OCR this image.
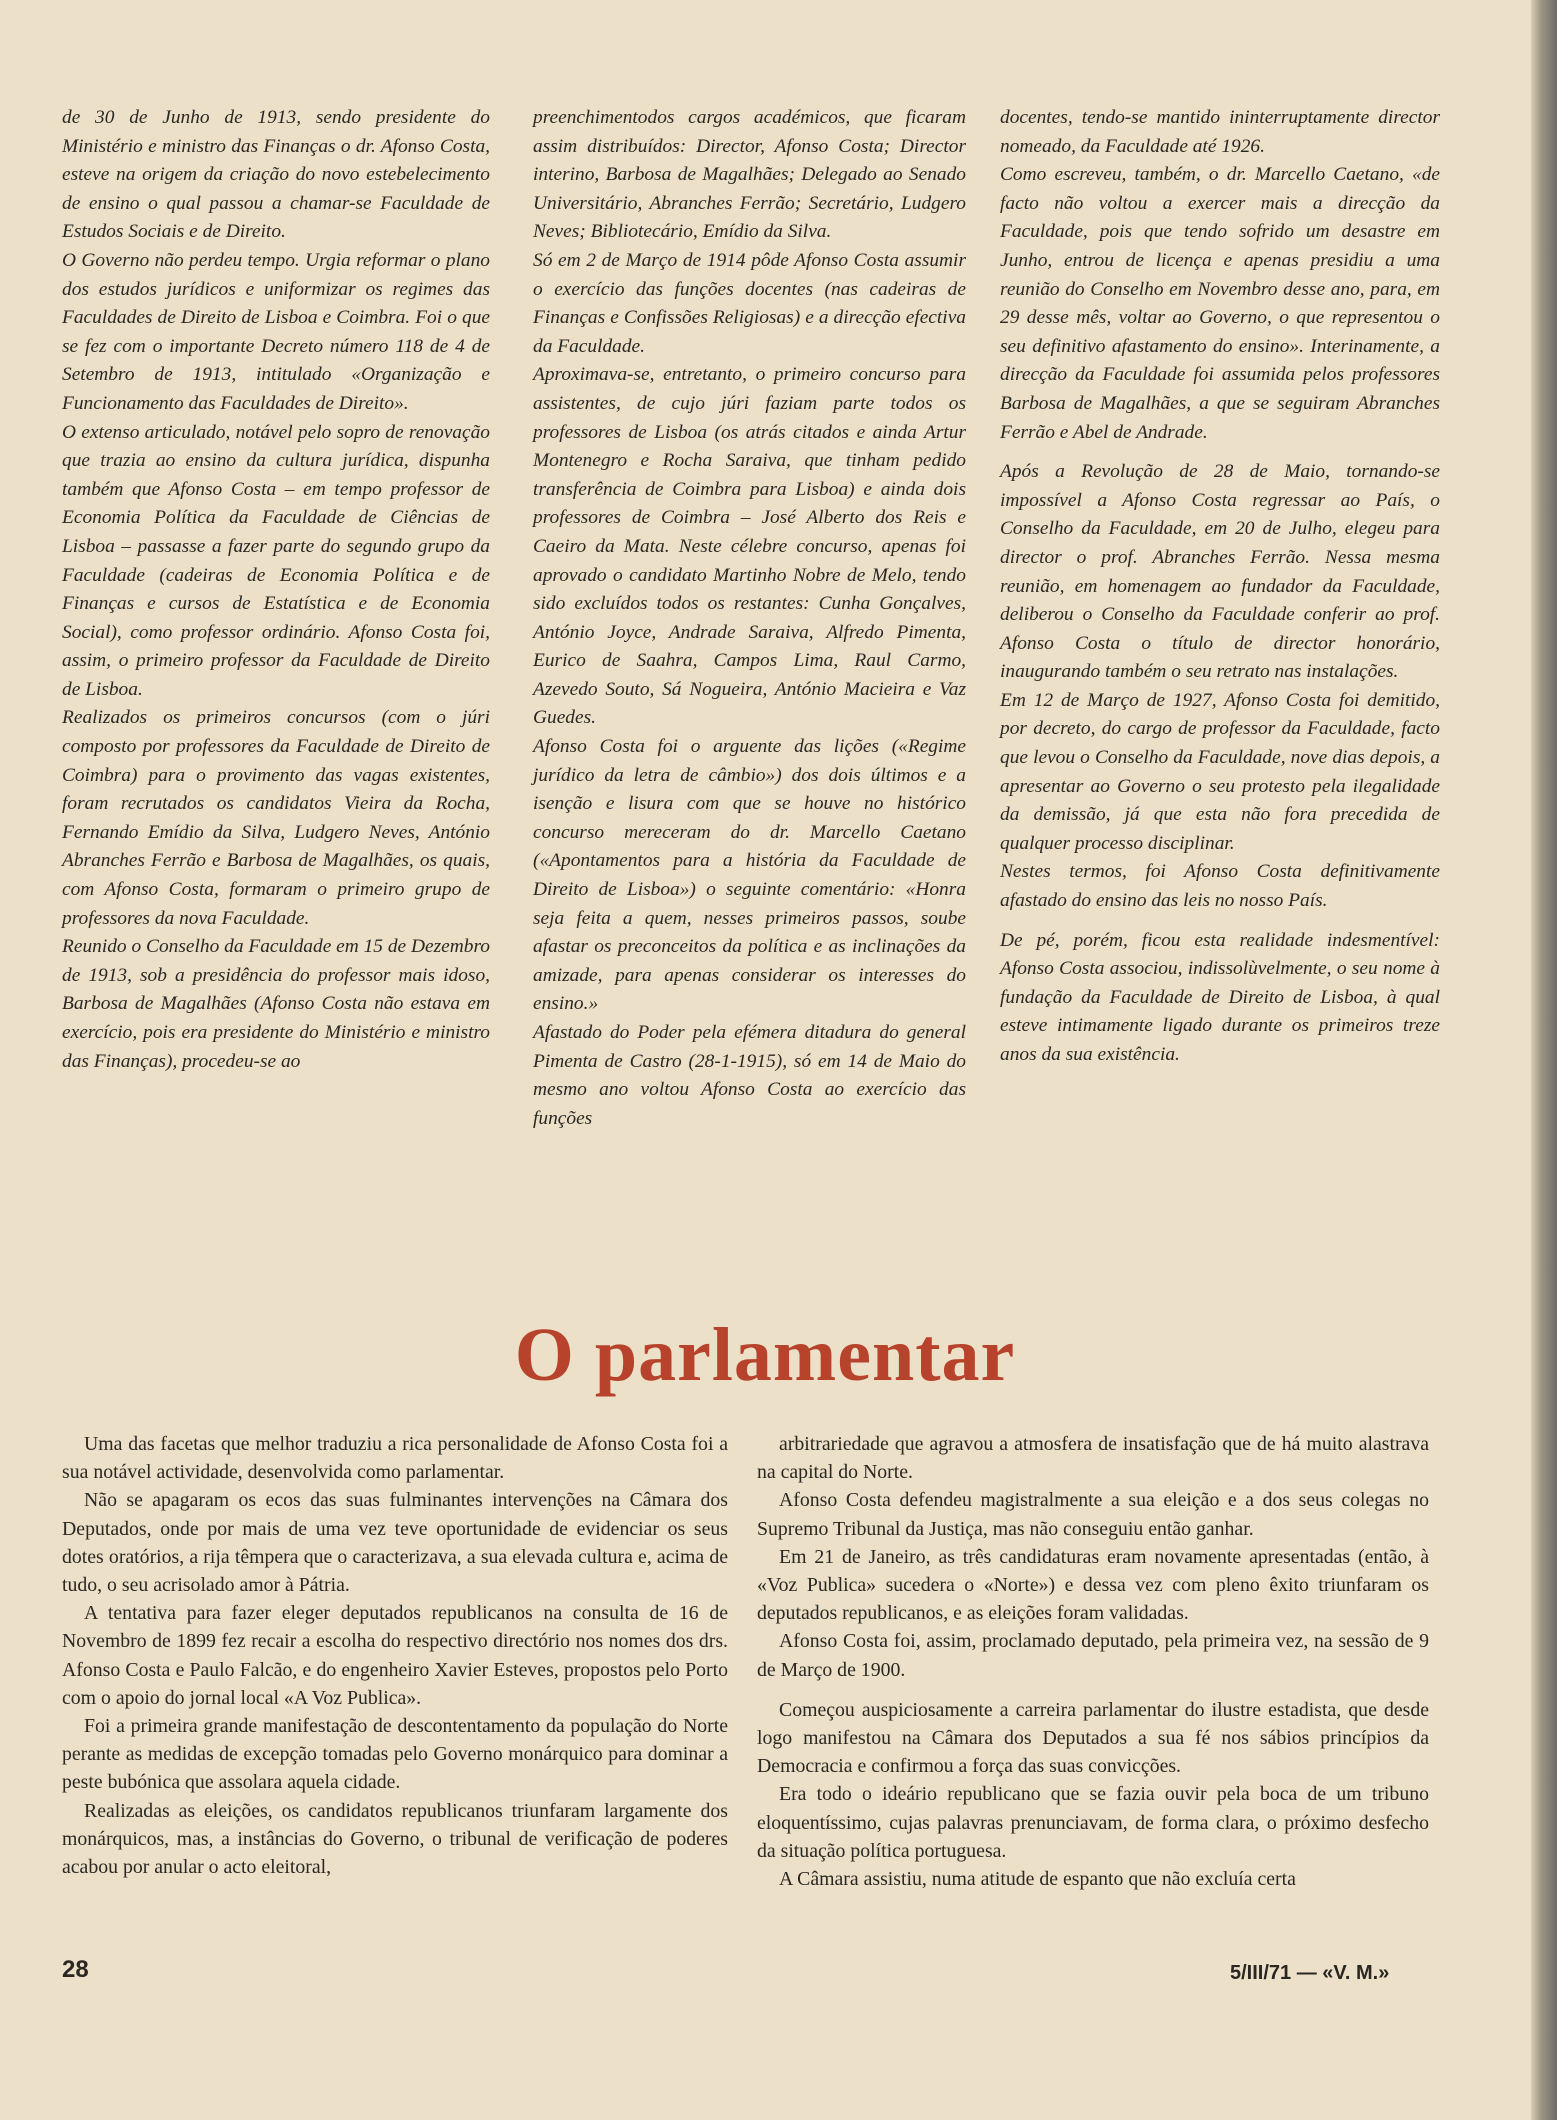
de 30 de Junho de 1913, sendo presidente do Ministério e ministro das Finanças o dr. Afonso Costa, esteve na origem da criação do novo estebelecimento de ensino o qual passou a chamar-se Faculdade de Estudos Sociais e de Direito.

O Governo não perdeu tempo. Urgia reformar o plano dos estudos jurídicos e uniformizar os regimes das Faculdades de Direito de Lisboa e Coimbra. Foi o que se fez com o importante Decreto número 118 de 4 de Setembro de 1913, intitulado «Organização e Funcionamento das Faculdades de Direito».

O extenso articulado, notável pelo sopro de renovação que trazia ao ensino da cultura jurídica, dispunha também que Afonso Costa – em tempo professor de Economia Política da Faculdade de Ciências de Lisboa – passasse a fazer parte do segundo grupo da Faculdade (cadeiras de Economia Política e de Finanças e cursos de Estatística e de Economia Social), como professor ordinário. Afonso Costa foi, assim, o primeiro professor da Faculdade de Direito de Lisboa.

Realizados os primeiros concursos (com o júri composto por professores da Faculdade de Direito de Coimbra) para o provimento das vagas existentes, foram recrutados os candidatos Vieira da Rocha, Fernando Emídio da Silva, Ludgero Neves, António Abranches Ferrão e Barbosa de Magalhães, os quais, com Afonso Costa, formaram o primeiro grupo de professores da nova Faculdade.

Reunido o Conselho da Faculdade em 15 de Dezembro de 1913, sob a presidência do professor mais idoso, Barbosa de Magalhães (Afonso Costa não estava em exercício, pois era presidente do Ministério e ministro das Finanças), procedeu-se ao

preenchimentodos cargos académicos, que ficaram assim distribuídos: Director, Afonso Costa; Director interino, Barbosa de Magalhães; Delegado ao Senado Universitário, Abranches Ferrão; Secretário, Ludgero Neves; Bibliotecário, Emídio da Silva.

Só em 2 de Março de 1914 pôde Afonso Costa assumir o exercício das funções docentes (nas cadeiras de Finanças e Confissões Religiosas) e a direcção efectiva da Faculdade.

Aproximava-se, entretanto, o primeiro concurso para assistentes, de cujo júri faziam parte todos os professores de Lisboa (os atrás citados e ainda Artur Montenegro e Rocha Saraiva, que tinham pedido transferência de Coimbra para Lisboa) e ainda dois professores de Coimbra – José Alberto dos Reis e Caeiro da Mata. Neste célebre concurso, apenas foi aprovado o candidato Martinho Nobre de Melo, tendo sido excluídos todos os restantes: Cunha Gonçalves, António Joyce, Andrade Saraiva, Alfredo Pimenta, Eurico de Saahra, Campos Lima, Raul Carmo, Azevedo Souto, Sá Nogueira, António Macieira e Vaz Guedes.

Afonso Costa foi o arguente das lições («Regime jurídico da letra de câmbio») dos dois últimos e a isenção e lisura com que se houve no histórico concurso mereceram do dr. Marcello Caetano («Apontamentos para a história da Faculdade de Direito de Lisboa») o seguinte comentário: «Honra seja feita a quem, nesses primeiros passos, soube afastar os preconceitos da política e as inclinações da amizade, para apenas considerar os interesses do ensino.»

Afastado do Poder pela efémera ditadura do general Pimenta de Castro (28-1-1915), só em 14 de Maio do mesmo ano voltou Afonso Costa ao exercício das funções

docentes, tendo-se mantido ininterruptamente director nomeado, da Faculdade até 1926.

Como escreveu, também, o dr. Marcello Caetano, «de facto não voltou a exercer mais a direcção da Faculdade, pois que tendo sofrido um desastre em Junho, entrou de licença e apenas presidiu a uma reunião do Conselho em Novembro desse ano, para, em 29 desse mês, voltar ao Governo, o que representou o seu definitivo afastamento do ensino». Interinamente, a direcção da Faculdade foi assumida pelos professores Barbosa de Magalhães, a que se seguiram Abranches Ferrão e Abel de Andrade.

Após a Revolução de 28 de Maio, tornando-se impossível a Afonso Costa regressar ao País, o Conselho da Faculdade, em 20 de Julho, elegeu para director o prof. Abranches Ferrão. Nessa mesma reunião, em homenagem ao fundador da Faculdade, deliberou o Conselho da Faculdade conferir ao prof. Afonso Costa o título de director honorário, inaugurando também o seu retrato nas instalações.

Em 12 de Março de 1927, Afonso Costa foi demitido, por decreto, do cargo de professor da Faculdade, facto que levou o Conselho da Faculdade, nove dias depois, a apresentar ao Governo o seu protesto pela ilegalidade da demissão, já que esta não fora precedida de qualquer processo disciplinar.

Nestes termos, foi Afonso Costa definitivamente afastado do ensino das leis no nosso País.

De pé, porém, ficou esta realidade indesmentível: Afonso Costa associou, indissolùvelmente, o seu nome à fundação da Faculdade de Direito de Lisboa, à qual esteve intimamente ligado durante os primeiros treze anos da sua existência.

O parlamentar

Uma das facetas que melhor traduziu a rica personalidade de Afonso Costa foi a sua notável actividade, desenvolvida como parlamentar.

Não se apagaram os ecos das suas fulminantes intervenções na Câmara dos Deputados, onde por mais de uma vez teve oportunidade de evidenciar os seus dotes oratórios, a rija têmpera que o caracterizava, a sua elevada cultura e, acima de tudo, o seu acrisolado amor à Pátria.

A tentativa para fazer eleger deputados republicanos na consulta de 16 de Novembro de 1899 fez recair a escolha do respectivo directório nos nomes dos drs. Afonso Costa e Paulo Falcão, e do engenheiro Xavier Esteves, propostos pelo Porto com o apoio do jornal local «A Voz Publica».

Foi a primeira grande manifestação de descontentamento da população do Norte perante as medidas de excepção tomadas pelo Governo monárquico para dominar a peste bubónica que assolara aquela cidade.

Realizadas as eleições, os candidatos republicanos triunfaram largamente dos monárquicos, mas, a instâncias do Governo, o tribunal de verificação de poderes acabou por anular o acto eleitoral,

arbitrariedade que agravou a atmosfera de insatisfação que de há muito alastrava na capital do Norte.

Afonso Costa defendeu magistralmente a sua eleição e a dos seus colegas no Supremo Tribunal da Justiça, mas não conseguiu então ganhar.

Em 21 de Janeiro, as três candidaturas eram novamente apresentadas (então, à «Voz Publica» sucedera o «Norte») e dessa vez com pleno êxito triunfaram os deputados republicanos, e as eleições foram validadas.

Afonso Costa foi, assim, proclamado deputado, pela primeira vez, na sessão de 9 de Março de 1900.

Começou auspiciosamente a carreira parlamentar do ilustre estadista, que desde logo manifestou na Câmara dos Deputados a sua fé nos sábios princípios da Democracia e confirmou a força das suas convicções.

Era todo o ideário republicano que se fazia ouvir pela boca de um tribuno eloquentíssimo, cujas palavras prenunciavam, de forma clara, o próximo desfecho da situação política portuguesa.

A Câmara assistiu, numa atitude de espanto que não excluía certa

28	5/III/71 — «V. M.»
